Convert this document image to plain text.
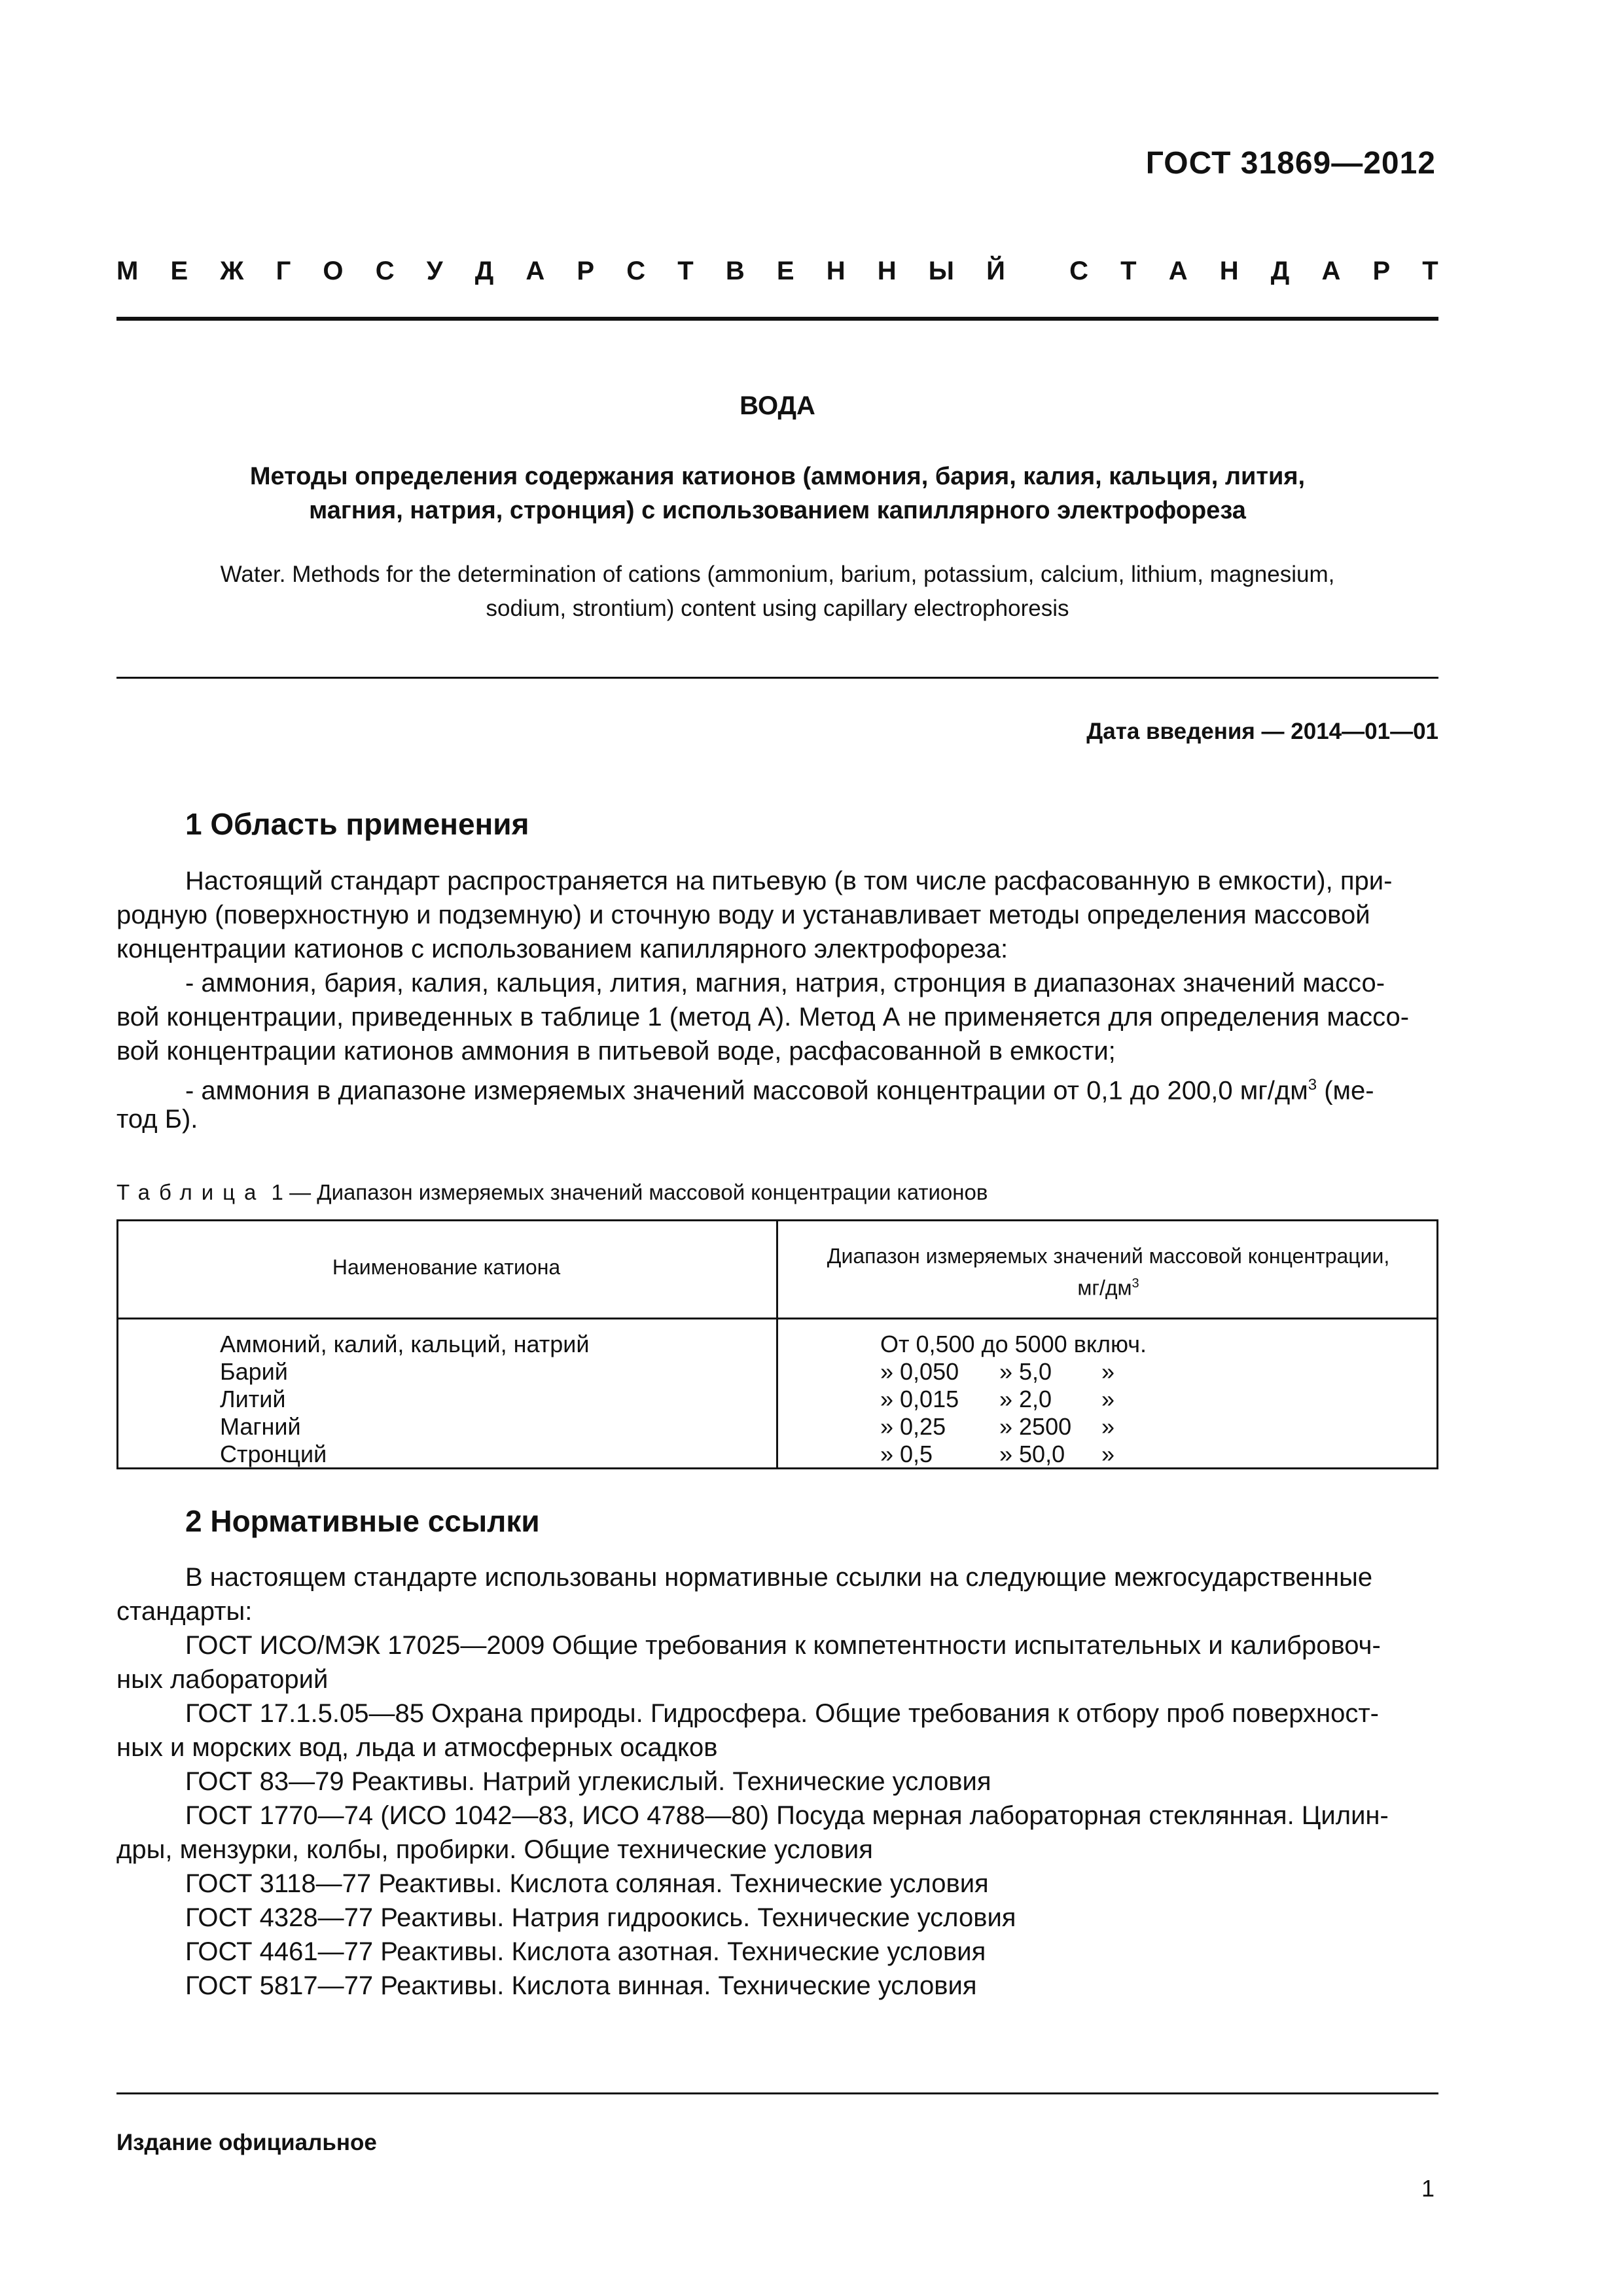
ГОСТ 31869—2012
М Е Ж Г О С У Д А Р С Т В Е Н Н Ы Й С Т А Н Д А Р Т
ВОДА
Методы определения содержания катионов (аммония, бария, калия, кальция, лития,
магния, натрия, стронция) с использованием капиллярного электрофореза
Water. Methods for the determination of cations (ammonium, barium, potassium, calcium, lithium, magnesium,
sodium, strontium) content using capillary electrophoresis
Дата введения — 2014—01—01
1 Область применения
Настоящий стандарт распространяется на питьевую (в том числе расфасованную в емкости), при-
родную (поверхностную и подземную) и сточную воду и устанавливает методы определения массовой
концентрации катионов с использованием капиллярного электрофореза:
- аммония, бария, калия, кальция, лития, магния, натрия, стронция в диапазонах значений массо-
вой концентрации, приведенных в таблице 1 (метод А). Метод А не применяется для определения массо-
вой концентрации катионов аммония в питьевой воде, расфасованной в емкости;
- аммония в диапазоне измеряемых значений массовой концентрации от 0,1 до 200,0 $мг/дм^3$ (ме-
тод Б).
Таблица 1 — Диапазон измеряемых значений массовой концентрации катионов
Наименование катиона	Диапазон измеряемых значений массовой концентрации,
$мг/дм^3$
Аммоний, калий, кальций, натрий	От 0,500 до 5000 включ.
Барий	» 0,050 » 5,0 »
Литий	» 0,015 » 2,0 »
Магний	» 0,25 » 2500 »
Стронций	» 0,5	» 50,0 »
2 Нормативные ссылки
В настоящем стандарте использованы нормативные ссылки на следующие межгосударственные
стандарты:
ГОСТ ИСО/МЭК 17025—2009 Общие требования к компетентности испытательных и калибровоч-
ных лабораторий
ГОСТ 17.1.5.05—85 Охрана природы. Гидросфера. Общие требования к отбору проб поверхност-
ных и морских вод, льда и атмосферных осадков
ГОСТ 83—79 Реактивы. Натрий углекислый. Технические условия
ГОСТ 1770—74 (ИСО 1042—83, ИСО 4788—80) Посуда мерная лабораторная стеклянная. Цилин-
дры, мензурки, колбы, пробирки. Общие технические условия
ГОСТ 3118—77 Реактивы. Кислота соляная. Технические условия
ГОСТ 4328—77 Реактивы. Натрия гидроокись. Технические условия
ГОСТ 4461—77 Реактивы. Кислота азотная. Технические условия
ГОСТ 5817—77 Реактивы. Кислота винная. Технические условия
Издание официальное
1
